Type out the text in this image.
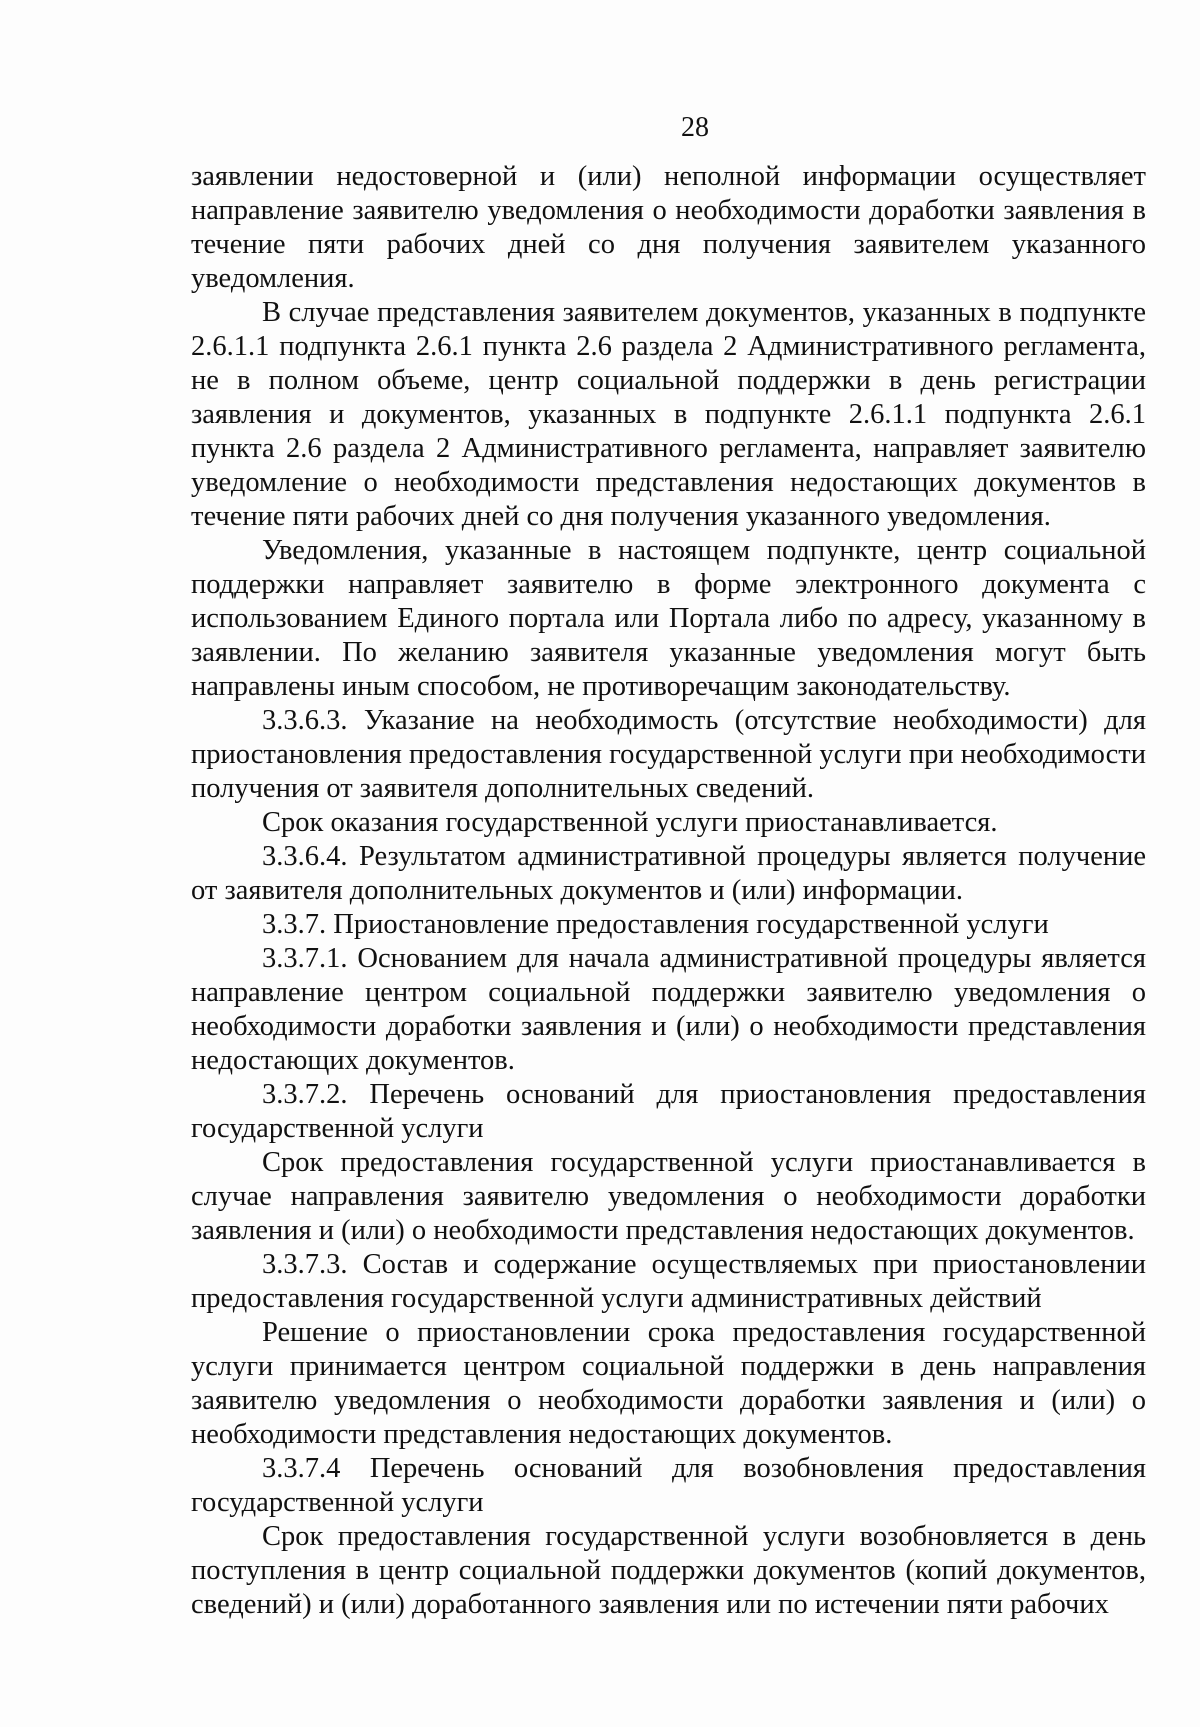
28

заявлении недостоверной и (или) неполной информации осуществляет направление заявителю уведомления о необходимости доработки заявления в течение пяти рабочих дней со дня получения заявителем указанного уведомления.

В случае представления заявителем документов, указанных в подпункте 2.6.1.1 подпункта 2.6.1 пункта 2.6 раздела 2 Административного регламента, не в полном объеме, центр социальной поддержки в день регистрации заявления и документов, указанных в подпункте 2.6.1.1 подпункта 2.6.1 пункта 2.6 раздела 2 Административного регламента, направляет заявителю уведомление о необходимости представления недостающих документов в течение пяти рабочих дней со дня получения указанного уведомления.

Уведомления, указанные в настоящем подпункте, центр социальной поддержки направляет заявителю в форме электронного документа с использованием Единого портала или Портала либо по адресу, указанному в заявлении. По желанию заявителя указанные уведомления могут быть направлены иным способом, не противоречащим законодательству.

3.3.6.3. Указание на необходимость (отсутствие необходимости) для приостановления предоставления государственной услуги при необходимости получения от заявителя дополнительных сведений.

Срок оказания государственной услуги приостанавливается.

3.3.6.4. Результатом административной процедуры является получение от заявителя дополнительных документов и (или) информации.

3.3.7. Приостановление предоставления государственной услуги

3.3.7.1. Основанием для начала административной процедуры является направление центром социальной поддержки заявителю уведомления о необходимости доработки заявления и (или) о необходимости представления недостающих документов.

3.3.7.2. Перечень оснований для приостановления предоставления государственной услуги

Срок предоставления государственной услуги приостанавливается в случае направления заявителю уведомления о необходимости доработки заявления и (или) о необходимости представления недостающих документов.

3.3.7.3. Состав и содержание осуществляемых при приостановлении предоставления государственной услуги административных действий

Решение о приостановлении срока предоставления государственной услуги принимается центром социальной поддержки в день направления заявителю уведомления о необходимости доработки заявления и (или) о необходимости представления недостающих документов.

3.3.7.4 Перечень оснований для возобновления предоставления государственной услуги

Срок предоставления государственной услуги возобновляется в день поступления в центр социальной поддержки документов (копий документов, сведений) и (или) доработанного заявления или по истечении пяти рабочих
